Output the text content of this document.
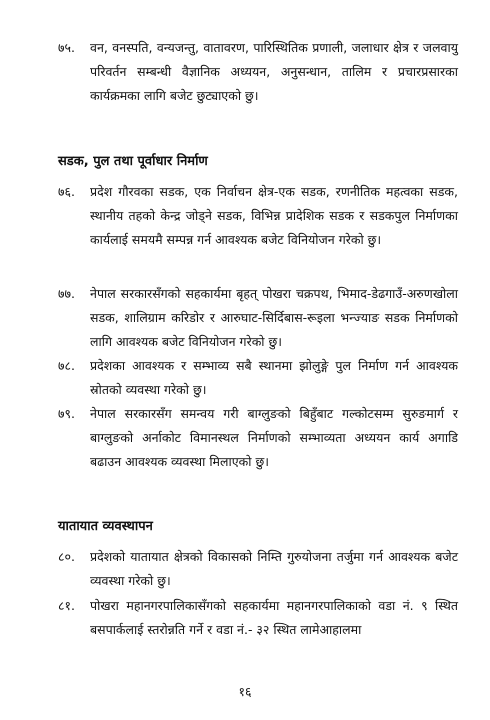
७५.	वन, वनस्पति, वन्यजन्तु, वातावरण, पारिस्थितिक प्रणाली, जलाधार क्षेत्र र जलवायु परिवर्तन सम्बन्धी वैज्ञानिक अध्ययन, अनुसन्धान, तालिम र प्रचारप्रसारका कार्यक्रमका लागि बजेट छुट्याएको छु।
सडक, पुल तथा पूर्वाधार निर्माण
७६.	प्रदेश गौरवका सडक, एक निर्वाचन क्षेत्र-एक सडक, रणनीतिक महत्वका सडक, स्थानीय तहको केन्द्र जोड्ने सडक, विभिन्न प्रादेशिक सडक र सडकपुल निर्माणका कार्यलाई समयमै सम्पन्न गर्न आवश्यक बजेट विनियोजन गरेको छु।
७७.	नेपाल सरकारसँगको सहकार्यमा बृहत् पोखरा चक्रपथ, भिमाद-डेढगाउँ-अरुणखोला सडक, शालिग्राम करिडोर र आरुघाट-सिर्दिबास-रूइला भन्ज्याङ सडक निर्माणको लागि आवश्यक बजेट विनियोजन गरेको छु।
७८.	प्रदेशका आवश्यक र सम्भाव्य सबै स्थानमा झोलुङ्गे पुल निर्माण गर्न आवश्यक स्रोतको व्यवस्था गरेको छु।
७९.	नेपाल सरकारसँग समन्वय गरी बाग्लुङको बिहुँबाट गल्कोटसम्म सुरुङमार्ग र बाग्लुङको अर्नाकोट विमानस्थल निर्माणको सम्भाव्यता अध्ययन कार्य अगाडि बढाउन आवश्यक व्यवस्था मिलाएको छु।
यातायात व्यवस्थापन
८०.	प्रदेशको यातायात क्षेत्रको विकासको निम्ति गुरुयोजना तर्जुमा गर्न आवश्यक बजेट व्यवस्था गरेको छु।
८१.	पोखरा महानगरपालिकासँगको सहकार्यमा महानगरपालिकाको वडा नं. ९ स्थित बसपार्कलाई स्तरोन्नति गर्ने र वडा नं.- ३२ स्थित लामेआहालमा
१६
